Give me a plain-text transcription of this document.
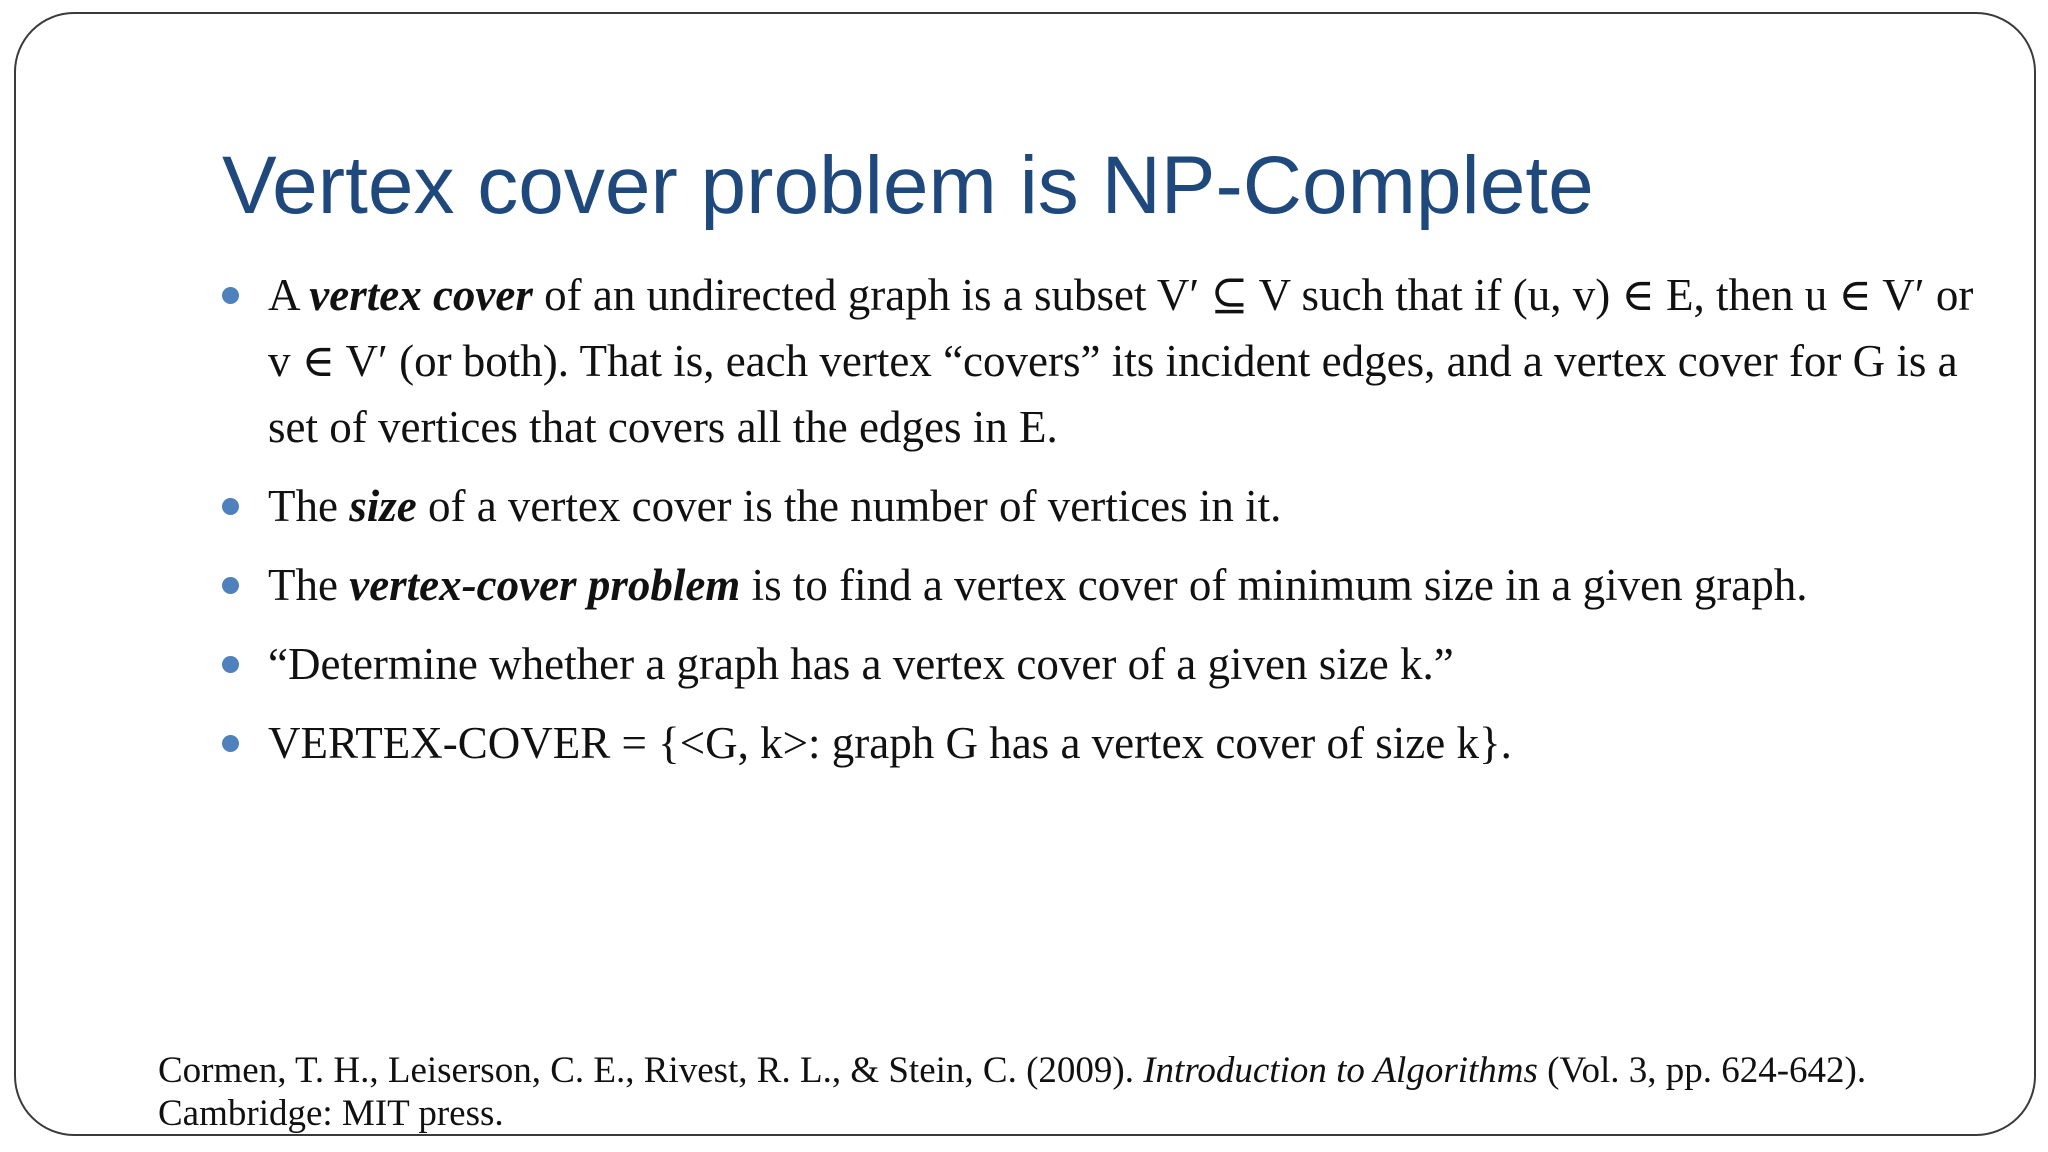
Vertex cover problem is NP-Complete
A vertex cover of an undirected graph is a subset V′ ⊆ V such that if (u, v) ∈ E, then u ∈ V′ or v ∈ V′ (or both). That is, each vertex “covers” its incident edges, and a vertex cover for G is a set of vertices that covers all the edges in E.
The size of a vertex cover is the number of vertices in it.
The vertex-cover problem is to find a vertex cover of minimum size in a given graph.
“Determine whether a graph has a vertex cover of a given size k.”
VERTEX-COVER = {<G, k>: graph G has a vertex cover of size k}.

Cormen, T. H., Leiserson, C. E., Rivest, R. L., & Stein, C. (2009). Introduction to Algorithms (Vol. 3, pp. 624-642). Cambridge: MIT press.
